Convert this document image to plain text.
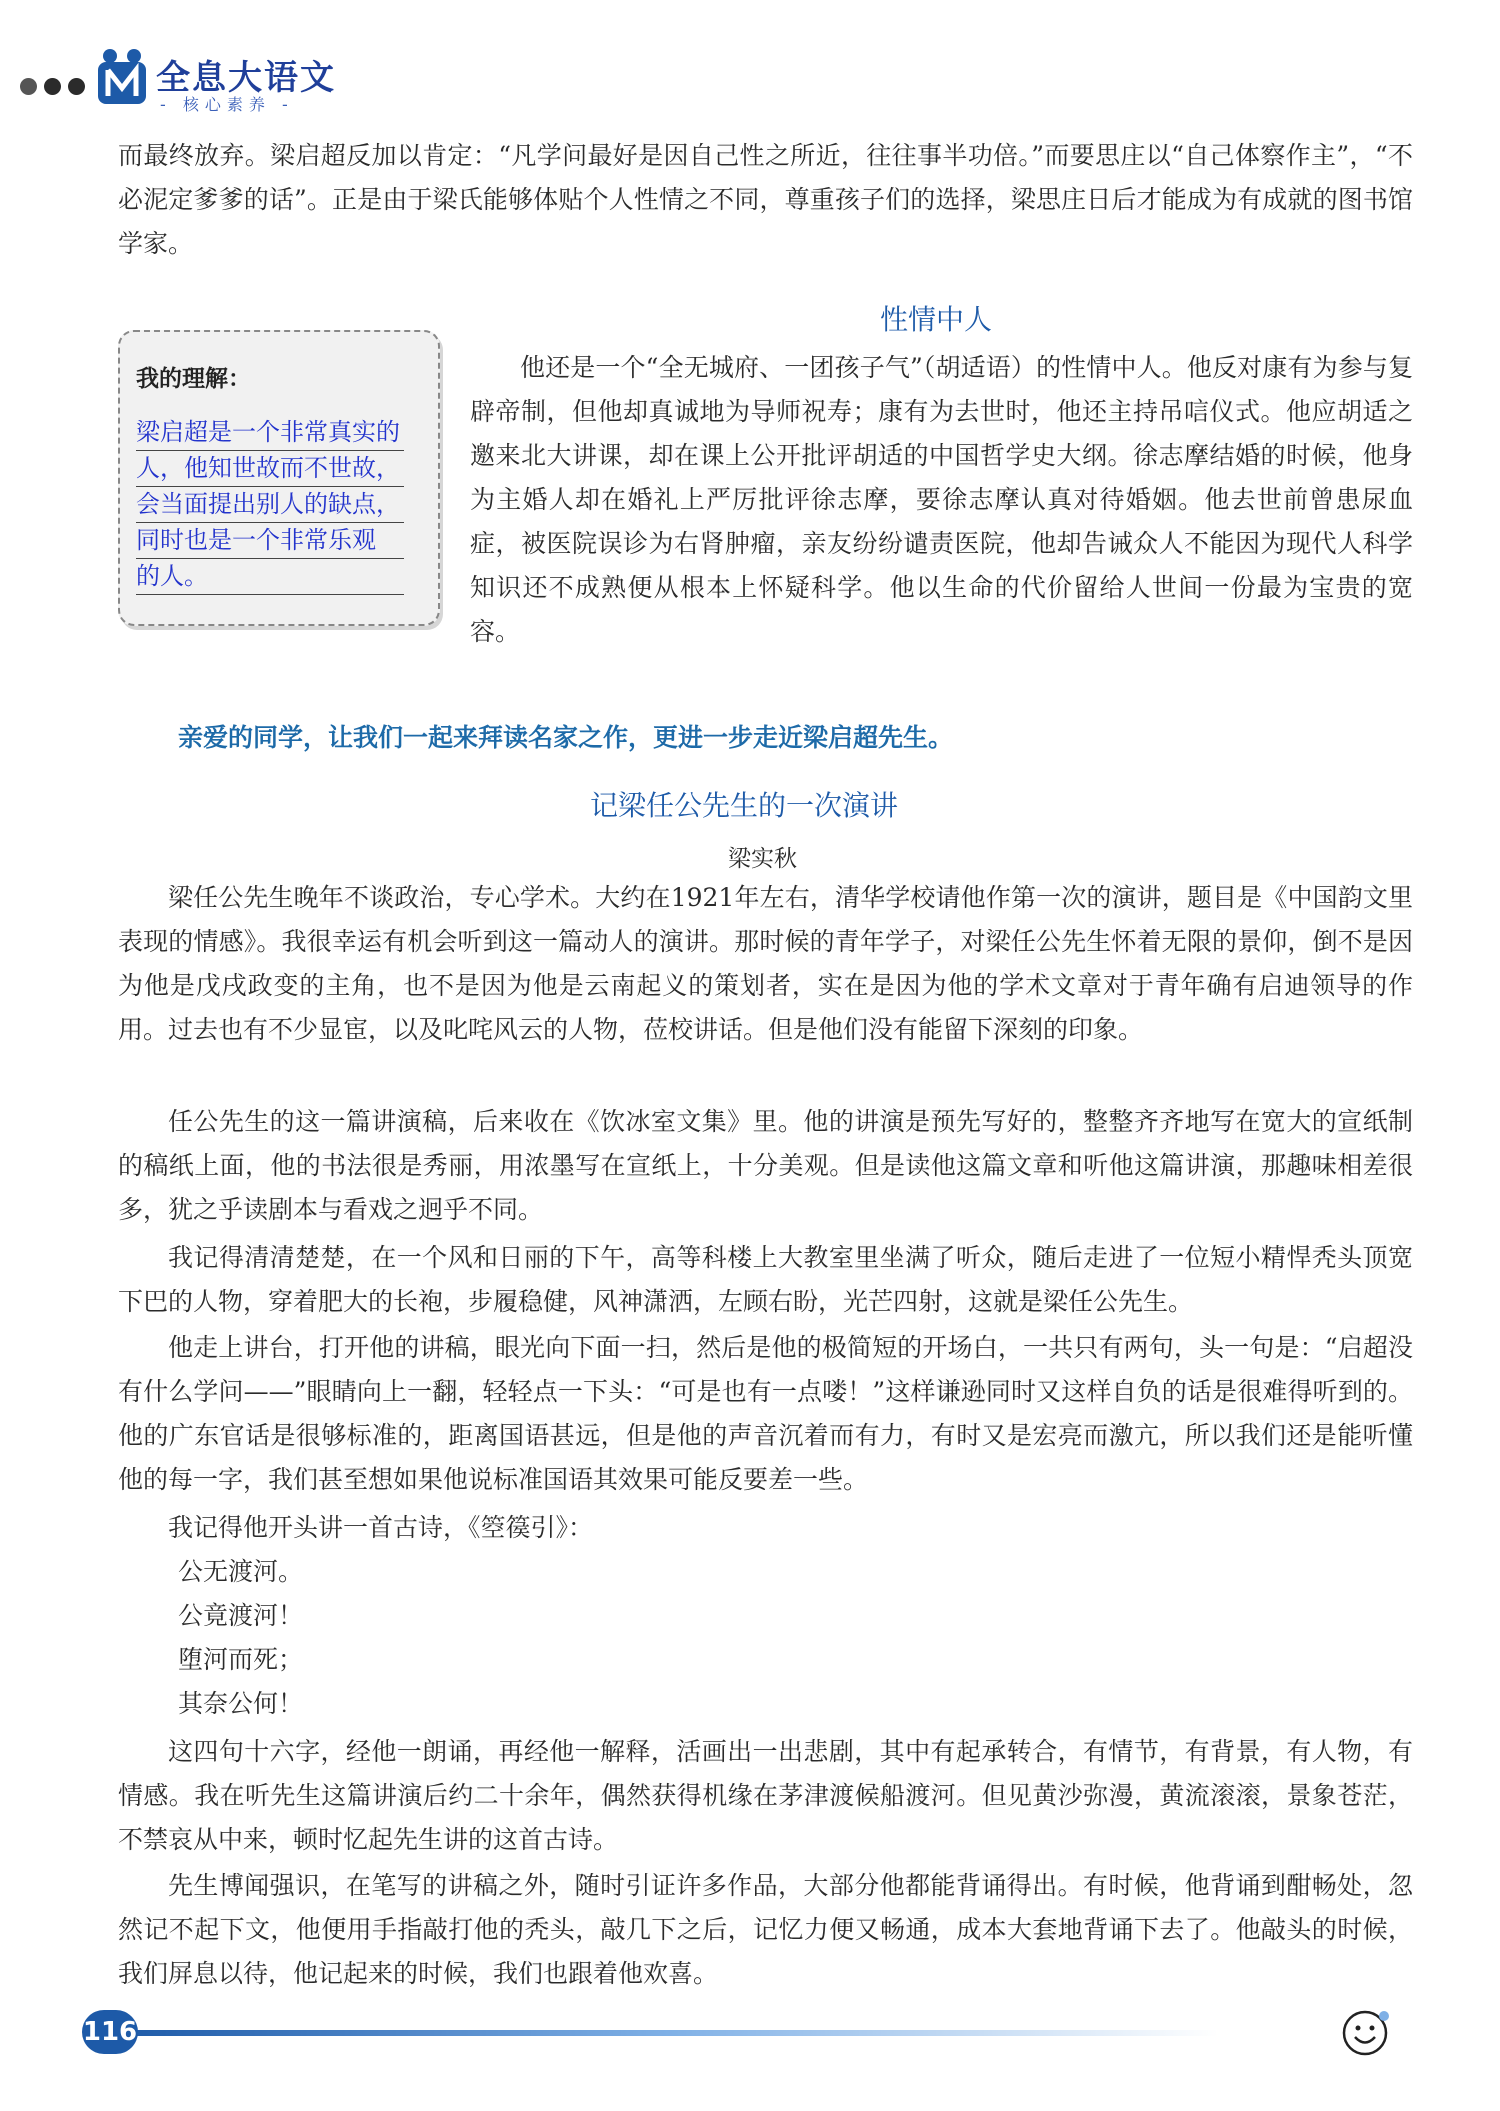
全息大语文
- 核心素养 -

而最终放弃。梁启超反加以肯定：“凡学问最好是因自己性之所近，往往事半功倍。”而要思庄以“自己体察作主”，“不必泥定爹爹的话”。正是由于梁氏能够体贴个人性情之不同，尊重孩子们的选择，梁思庄日后才能成为有成就的图书馆学家。

性情中人

他还是一个“全无城府、一团孩子气”（胡适语）的性情中人。他反对康有为参与复辟帝制，但他却真诚地为导师祝寿；康有为去世时，他还主持吊唁仪式。他应胡适之邀来北大讲课，却在课上公开批评胡适的中国哲学史大纲。徐志摩结婚的时候，他身为主婚人却在婚礼上严厉批评徐志摩，要徐志摩认真对待婚姻。他去世前曾患尿血症，被医院误诊为右肾肿瘤，亲友纷纷谴责医院，他却告诫众人不能因为现代人科学知识还不成熟便从根本上怀疑科学。他以生命的代价留给人世间一份最为宝贵的宽容。

我的理解：
梁启超是一个非常真实的
人，他知世故而不世故，
会当面提出别人的缺点，
同时也是一个非常乐观
的人。
亲爱的同学，让我们一起来拜读名家之作，更进一步走近梁启超先生。
记梁任公先生的一次演讲
梁实秋

梁任公先生晚年不谈政治，专心学术。大约在1921年左右，清华学校请他作第一次的演讲，题目是《中国韵文里表现的情感》。我很幸运有机会听到这一篇动人的演讲。那时候的青年学子，对梁任公先生怀着无限的景仰，倒不是因为他是戊戌政变的主角，也不是因为他是云南起义的策划者，实在是因为他的学术文章对于青年确有启迪领导的作用。过去也有不少显宦，以及叱咤风云的人物，莅校讲话。但是他们没有能留下深刻的印象。

任公先生的这一篇讲演稿，后来收在《饮冰室文集》里。他的讲演是预先写好的，整整齐齐地写在宽大的宣纸制的稿纸上面，他的书法很是秀丽，用浓墨写在宣纸上，十分美观。但是读他这篇文章和听他这篇讲演，那趣味相差很多，犹之乎读剧本与看戏之迥乎不同。

我记得清清楚楚，在一个风和日丽的下午，高等科楼上大教室里坐满了听众，随后走进了一位短小精悍秃头顶宽下巴的人物，穿着肥大的长袍，步履稳健，风神潇洒，左顾右盼，光芒四射，这就是梁任公先生。

他走上讲台，打开他的讲稿，眼光向下面一扫，然后是他的极简短的开场白，一共只有两句，头一句是：“启超没有什么学问——”眼睛向上一翻，轻轻点一下头：“可是也有一点喽！”这样谦逊同时又这样自负的话是很难得听到的。他的广东官话是很够标准的，距离国语甚远，但是他的声音沉着而有力，有时又是宏亮而激亢，所以我们还是能听懂他的每一字，我们甚至想如果他说标准国语其效果可能反要差一些。

我记得他开头讲一首古诗，《箜篌引》：

公无渡河。

公竟渡河！

堕河而死；

其奈公何！

这四句十六字，经他一朗诵，再经他一解释，活画出一出悲剧，其中有起承转合，有情节，有背景，有人物，有情感。我在听先生这篇讲演后约二十余年，偶然获得机缘在茅津渡候船渡河。但见黄沙弥漫，黄流滚滚，景象苍茫，不禁哀从中来，顿时忆起先生讲的这首古诗。

先生博闻强识，在笔写的讲稿之外，随时引证许多作品，大部分他都能背诵得出。有时候，他背诵到酣畅处，忽然记不起下文，他便用手指敲打他的秃头，敲几下之后，记忆力便又畅通，成本大套地背诵下去了。他敲头的时候，我们屏息以待，他记起来的时候，我们也跟着他欢喜。

116
